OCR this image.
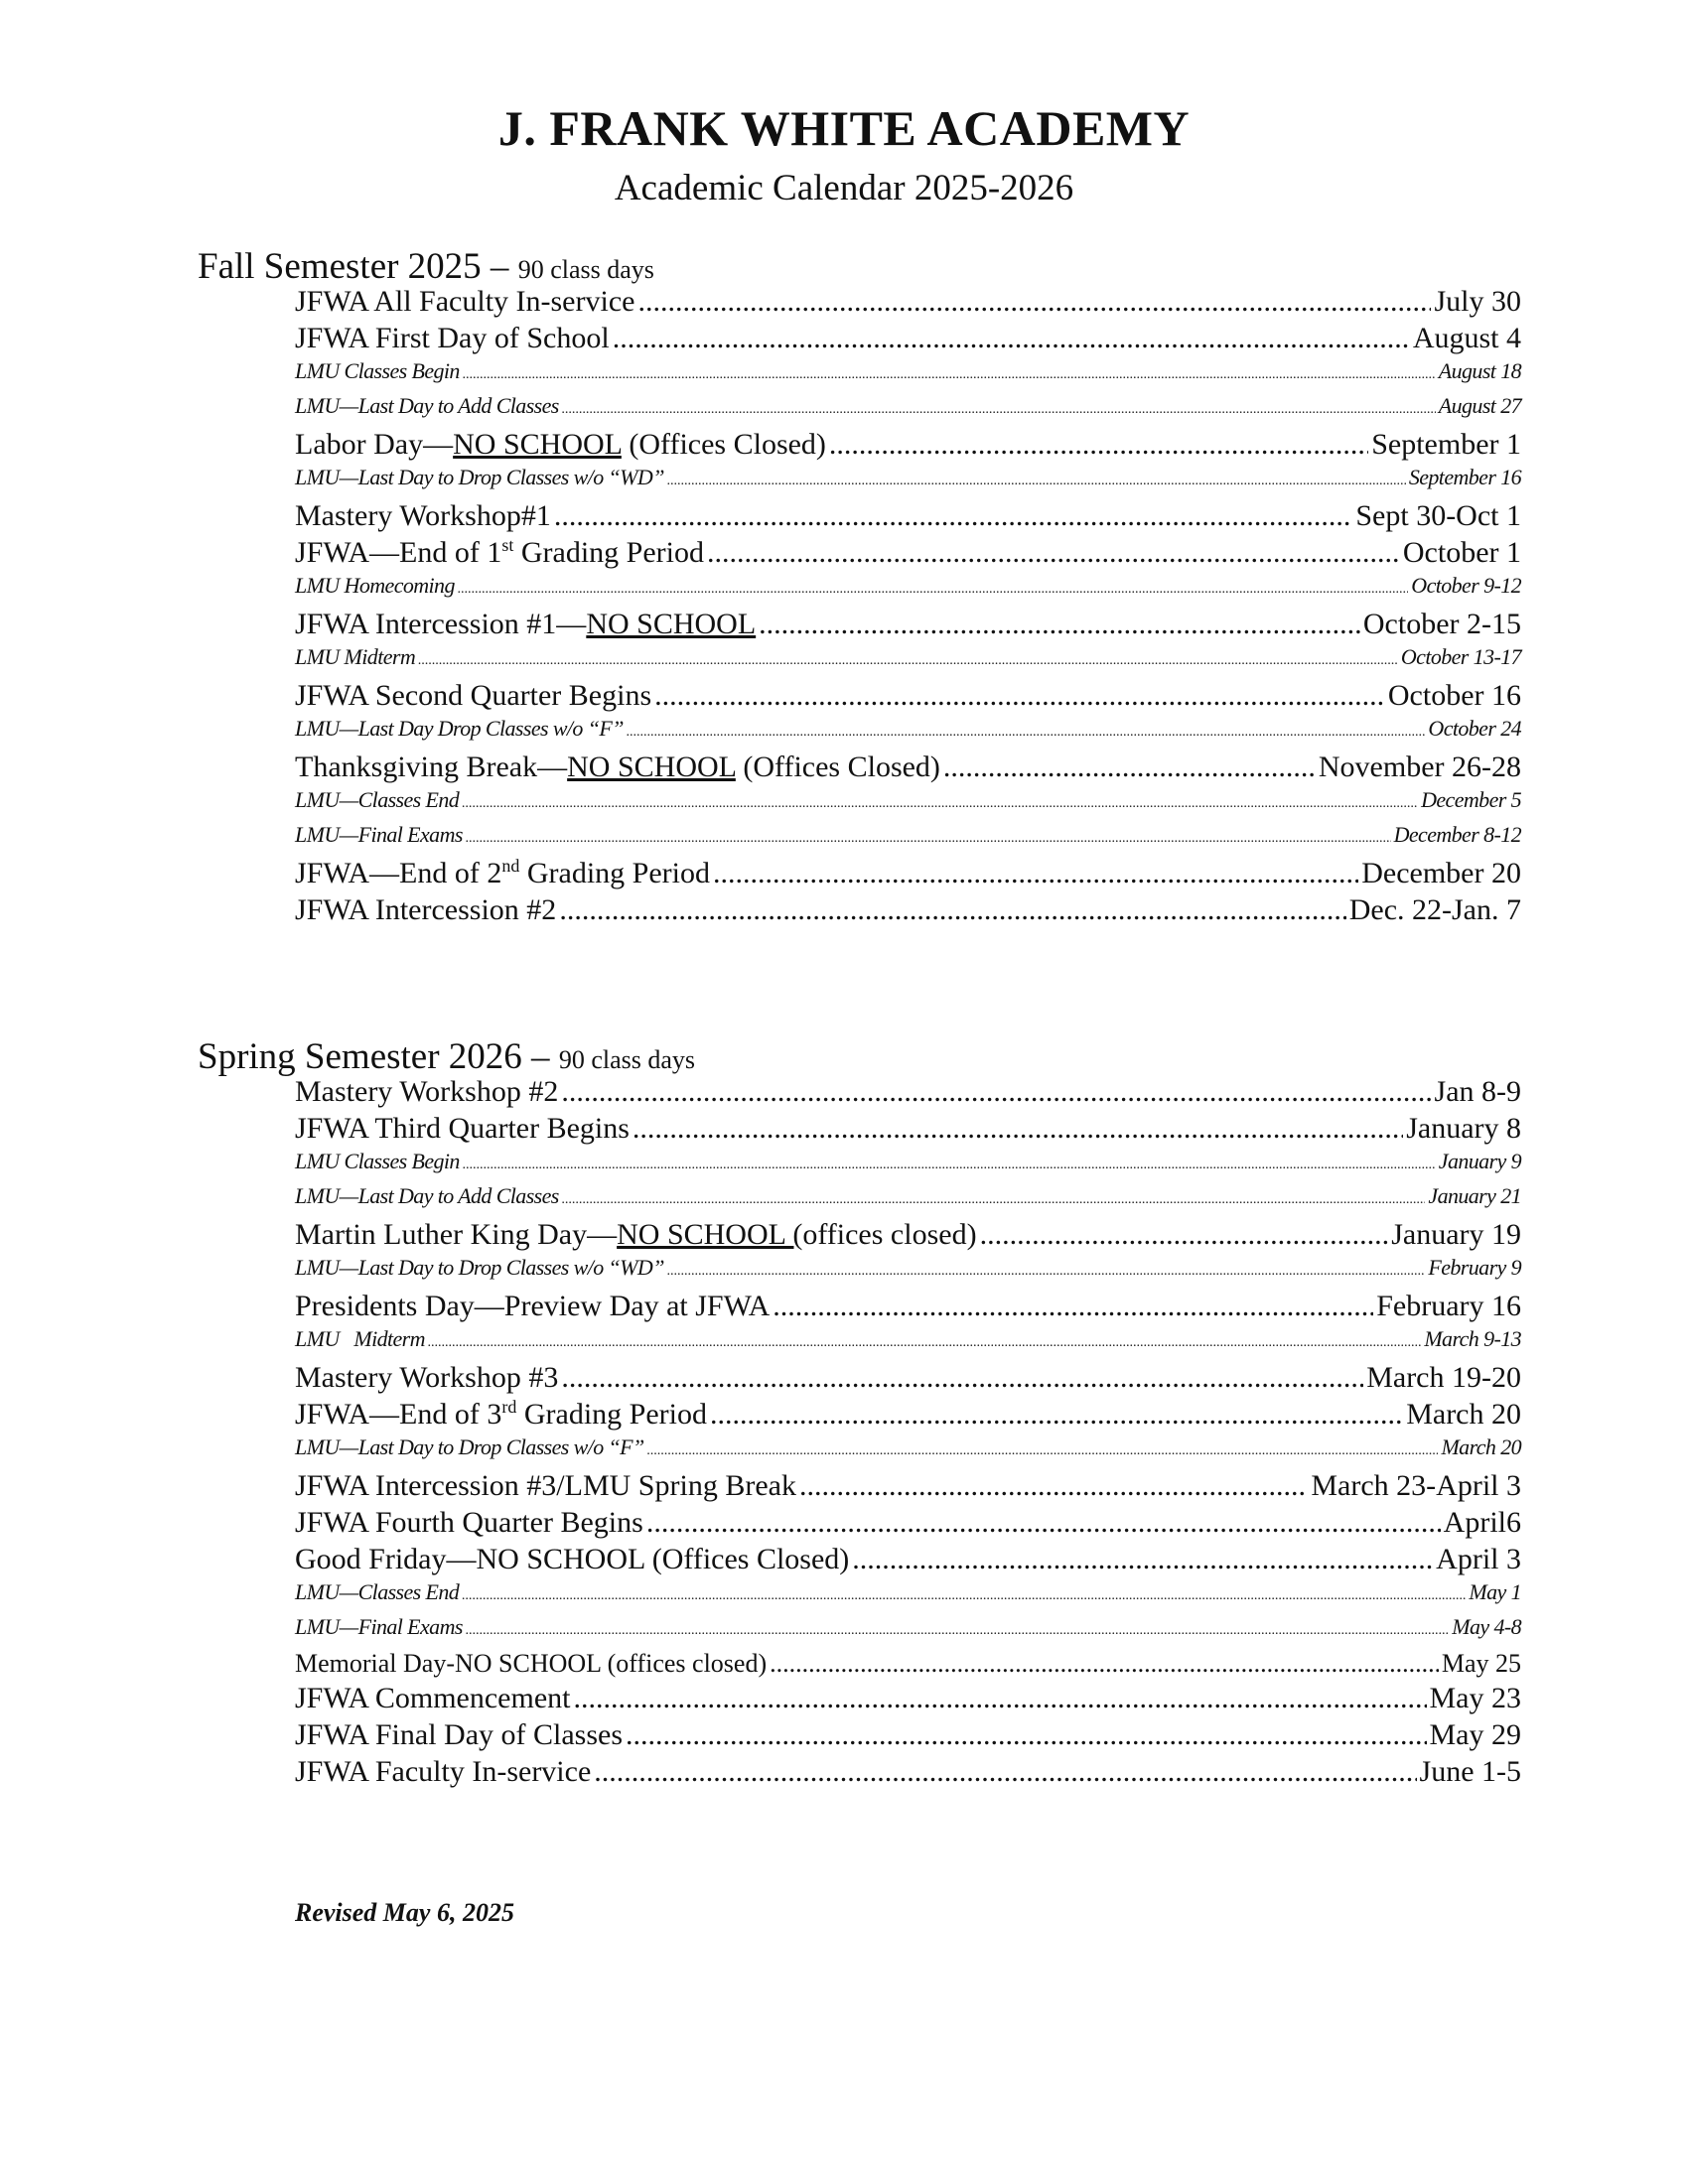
J. FRANK WHITE ACADEMY
Academic Calendar 2025-2026
Fall Semester 2025 – 90 class days
JFWA All Faculty In-service .....	July 30
JFWA First Day of School .....	August 4
LMU Classes Begin .....	August 18
LMU—Last Day to Add Classes .....	August 27
Labor Day—NO SCHOOL (Offices Closed) .....	September 1
LMU—Last Day to Drop Classes w/o “WD” .....	September 16
Mastery Workshop#1 .....	Sept 30-Oct 1
JFWA—End of 1st Grading Period .....	October 1
LMU Homecoming .....	October 9-12
JFWA Intercession #1—NO SCHOOL .....	October 2-15
LMU Midterm .....	October 13-17
JFWA Second Quarter Begins .....	October 16
LMU—Last Day Drop Classes w/o “F” .....	October 24
Thanksgiving Break—NO SCHOOL (Offices Closed) .....	November 26-28
LMU—Classes End .....	December 5
LMU—Final Exams .....	December 8-12
JFWA—End of 2nd Grading Period .....	December 20
JFWA Intercession #2 .....	Dec. 22-Jan. 7
Spring Semester 2026 – 90 class days
Mastery Workshop #2 .....	Jan 8-9
JFWA Third Quarter Begins .....	January 8
LMU Classes Begin .....	January 9
LMU—Last Day to Add Classes .....	January 21
Martin Luther King Day—NO SCHOOL (offices closed) .....	January 19
LMU—Last Day to Drop Classes w/o “WD” .....	February 9
Presidents Day—Preview Day at JFWA .....	February 16
LMU   Midterm .....	March 9-13
Mastery Workshop #3 .....	March 19-20
JFWA—End of 3rd Grading Period .....	March 20
LMU—Last Day to Drop Classes w/o “F” .....	March 20
JFWA Intercession #3/LMU Spring Break .....	March 23-April 3
JFWA Fourth Quarter Begins .....	April6
Good Friday—NO SCHOOL (Offices Closed) .....	April 3
LMU—Classes End .....	May 1
LMU—Final Exams .....	May 4-8
Memorial Day-NO SCHOOL (offices closed) .....	May 25
JFWA Commencement .....	May 23
JFWA Final Day of Classes .....	May 29
JFWA Faculty In-service .....	June 1-5
Revised May 6, 2025
